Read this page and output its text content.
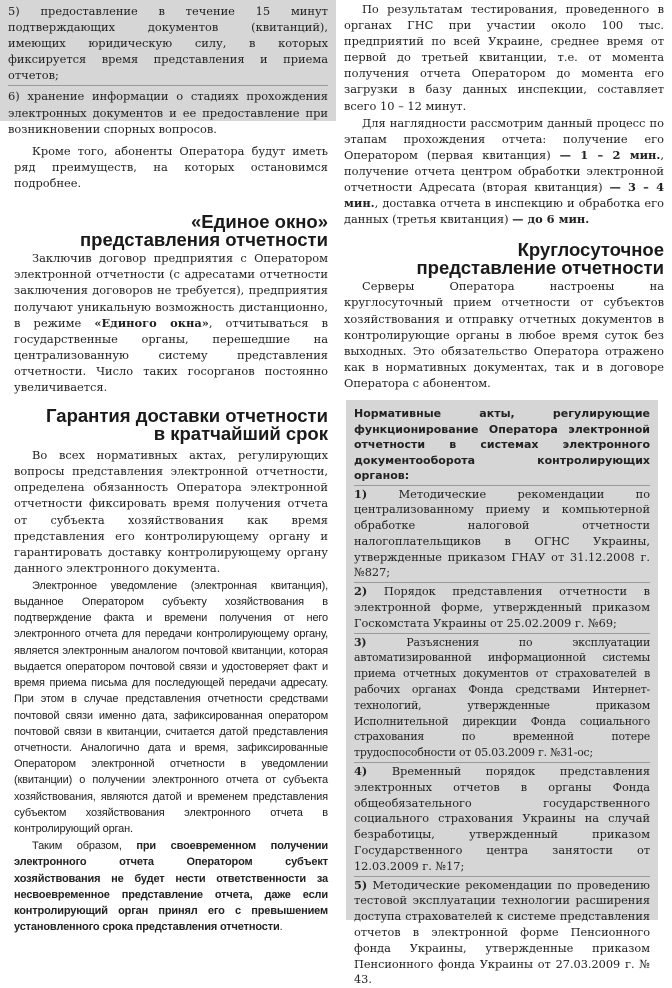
5) предоставление в течение 15 минут подтверждающих документов (квитанций), имеющих юридическую силу, в которых фиксируется время представления и приема отчетов;

6) хранение информации о стадиях прохождения электронных документов и ее предоставление при возникновении спорных вопросов.

Кроме того, абоненты Оператора будут иметь ряд преимуществ, на которых остановимся подробнее.

«Единое окно»
представления отчетности

Заключив договор предприятия с Оператором электронной отчетности (с адресатами отчетности заключения договоров не требуется), предприятия получают уникальную возможность дистанционно, в режиме «Единого окна», отчитываться в государственные органы, перешедшие на централизованную систему представления отчетности. Число таких госорганов постоянно увеличивается.

Гарантия доставки отчетности
в кратчайший срок

Во всех нормативных актах, регулирующих вопросы представления электронной отчетности, определена обязанность Оператора электронной отчетности фиксировать время получения отчета от субъекта хозяйствования как время представления его контролирующему органу и гарантировать доставку контролирующему органу данного электронного документа.

Электронное уведомление (электронная квитанция), выданное Оператором субъекту хозяйствования в подтверждение факта и времени получения от него электронного отчета для передачи контролирующему органу, является электронным аналогом почтовой квитанции, которая выдается оператором почтовой связи и удостоверяет факт и время приема письма для последующей передачи адресату. При этом в случае представления отчетности средствами почтовой связи именно дата, зафиксированная оператором почтовой связи в квитанции, считается датой представления отчетности. Аналогично дата и время, зафиксированные Оператором электронной отчетности в уведомлении (квитанции) о получении электронного отчета от субъекта хозяйствования, являются датой и временем представления субъектом хозяйствования электронного отчета в контролирующий орган.

Таким образом, при своевременном получении электронного отчета Оператором субъект хозяйствования не будет нести ответственности за несвоевременное представление отчета, даже если контролирующий орган принял его с превышением установленного срока представления отчетности.

По результатам тестирования, проведенного в органах ГНС при участии около 100 тыс. предприятий по всей Украине, среднее время от первой до третьей квитанции, т.е. от момента получения отчета Оператором до момента его загрузки в базу данных инспекции, составляет всего 10 – 12 минут.

Для наглядности рассмотрим данный процесс по этапам прохождения отчета: получение его Оператором (первая квитанция) — 1 – 2 мин., получение отчета центром обработки электронной отчетности Адресата (вторая квитанция) — 3 – 4 мин., доставка отчета в инспекцию и обработка его данных (третья квитанция) — до 6 мин.

Круглосуточное
представление отчетности

Серверы Оператора настроены на круглосуточный прием отчетности от субъектов хозяйствования и отправку отчетных документов в контролирующие органы в любое время суток без выходных. Это обязательство Оператора отражено как в нормативных документах, так и в договоре Оператора с абонентом.

Нормативные акты, регулирующие функционирование Оператора электронной отчетности в системах электронного документооборота контролирующих органов:

1)	Методические рекомендации по централизованному приему и компьютерной обработке налоговой отчетности налогоплательщиков в ОГНС Украины, утвержденные приказом ГНАУ от 31.12.2008 г. №827;

2) Порядок представления отчетности в электронной форме, утвержденный приказом Госкомстата Украины от 25.02.2009 г. №69;

3)	Разъяснения по эксплуатации автоматизированной информационной системы приема отчетных документов от страхователей в рабочих органах Фонда средствами Интернет-технологий, утвержденные приказом Исполнительной дирекции Фонда социального страхования по временной потере трудоспособности от 05.03.2009 г. №31-ос;

4) Временный порядок представления электронных отчетов в органы Фонда общеобязательного государственного социального страхования Украины на случай безработицы, утвержденный приказом Государственного центра занятости от 12.03.2009 г. №17;

5) Методические рекомендации по проведению тестовой эксплуатации технологии расширения доступа страхователей к системе представления отчетов в электронной форме Пенсионного фонда Украины, утвержденные приказом Пенсионного фонда Украины от 27.03.2009 г. № 43.
